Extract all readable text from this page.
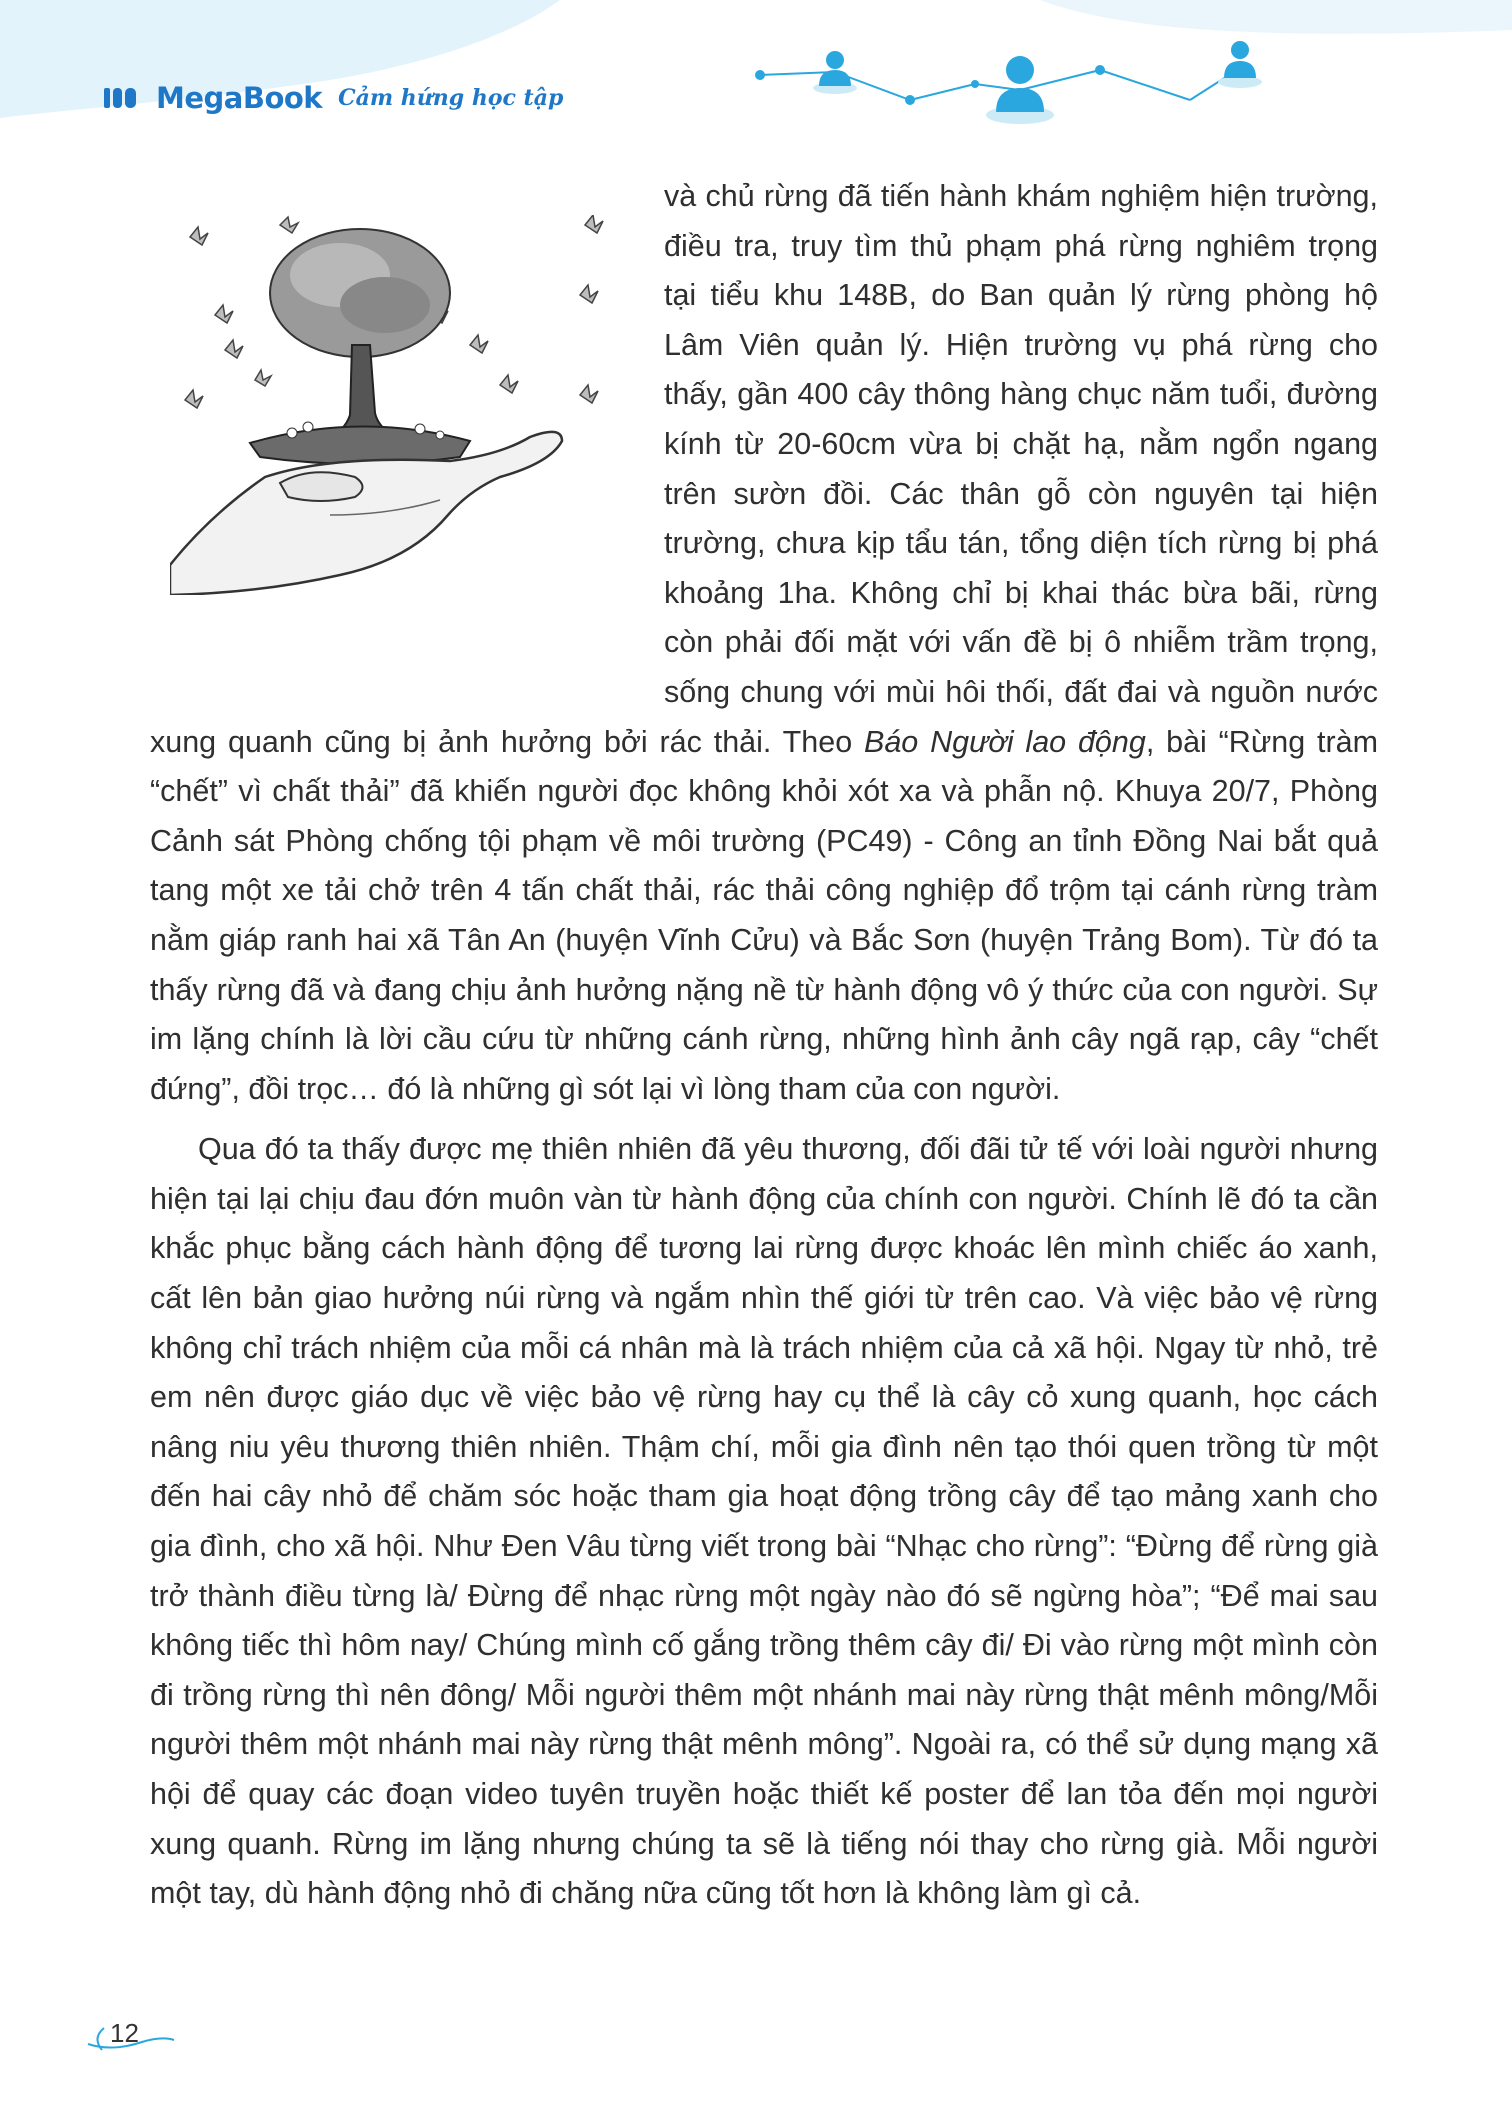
MegaBook Cảm hứng học tập

và chủ rừng đã tiến hành khám nghiệm hiện trường, điều tra, truy tìm thủ phạm phá rừng nghiêm trọng tại tiểu khu 148B, do Ban quản lý rừng phòng hộ Lâm Viên quản lý. Hiện trường vụ phá rừng cho thấy, gần 400 cây thông hàng chục năm tuổi, đường kính từ 20-60cm vừa bị chặt hạ, nằm ngổn ngang trên sườn đồi. Các thân gỗ còn nguyên tại hiện trường, chưa kịp tẩu tán, tổng diện tích rừng bị phá khoảng 1ha. Không chỉ bị khai thác bừa bãi, rừng còn phải đối mặt với vấn đề bị ô nhiễm trầm trọng, sống chung với mùi hôi thối, đất đai và nguồn nước xung quanh cũng bị ảnh hưởng bởi rác thải. Theo Báo Người lao động, bài “Rừng tràm “chết” vì chất thải” đã khiến người đọc không khỏi xót xa và phẫn nộ. Khuya 20/7, Phòng Cảnh sát Phòng chống tội phạm về môi trường (PC49) - Công an tỉnh Đồng Nai bắt quả tang một xe tải chở trên 4 tấn chất thải, rác thải công nghiệp đổ trộm tại cánh rừng tràm nằm giáp ranh hai xã Tân An (huyện Vĩnh Cửu) và Bắc Sơn (huyện Trảng Bom). Từ đó ta thấy rừng đã và đang chịu ảnh hưởng nặng nề từ hành động vô ý thức của con người. Sự im lặng chính là lời cầu cứu từ những cánh rừng, những hình ảnh cây ngã rạp, cây “chết đứng”, đồi trọc… đó là những gì sót lại vì lòng tham của con người.

Qua đó ta thấy được mẹ thiên nhiên đã yêu thương, đối đãi tử tế với loài người nhưng hiện tại lại chịu đau đớn muôn vàn từ hành động của chính con người. Chính lẽ đó ta cần khắc phục bằng cách hành động để tương lai rừng được khoác lên mình chiếc áo xanh, cất lên bản giao hưởng núi rừng và ngắm nhìn thế giới từ trên cao. Và việc bảo vệ rừng không chỉ trách nhiệm của mỗi cá nhân mà là trách nhiệm của cả xã hội. Ngay từ nhỏ, trẻ em nên được giáo dục về việc bảo vệ rừng hay cụ thể là cây cỏ xung quanh, học cách nâng niu yêu thương thiên nhiên. Thậm chí, mỗi gia đình nên tạo thói quen trồng từ một đến hai cây nhỏ để chăm sóc hoặc tham gia hoạt động trồng cây để tạo mảng xanh cho gia đình, cho xã hội. Như Đen Vâu từng viết trong bài “Nhạc cho rừng”: “Đừng để rừng già trở thành điều từng là/ Đừng để nhạc rừng một ngày nào đó sẽ ngừng hòa”; “Để mai sau không tiếc thì hôm nay/ Chúng mình cố gắng trồng thêm cây đi/ Đi vào rừng một mình còn đi trồng rừng thì nên đông/ Mỗi người thêm một nhánh mai này rừng thật mênh mông/Mỗi người thêm một nhánh mai này rừng thật mênh mông”. Ngoài ra, có thể sử dụng mạng xã hội để quay các đoạn video tuyên truyền hoặc thiết kế poster để lan tỏa đến mọi người xung quanh. Rừng im lặng nhưng chúng ta sẽ là tiếng nói thay cho rừng già. Mỗi người một tay, dù hành động nhỏ đi chăng nữa cũng tốt hơn là không làm gì cả.

12
